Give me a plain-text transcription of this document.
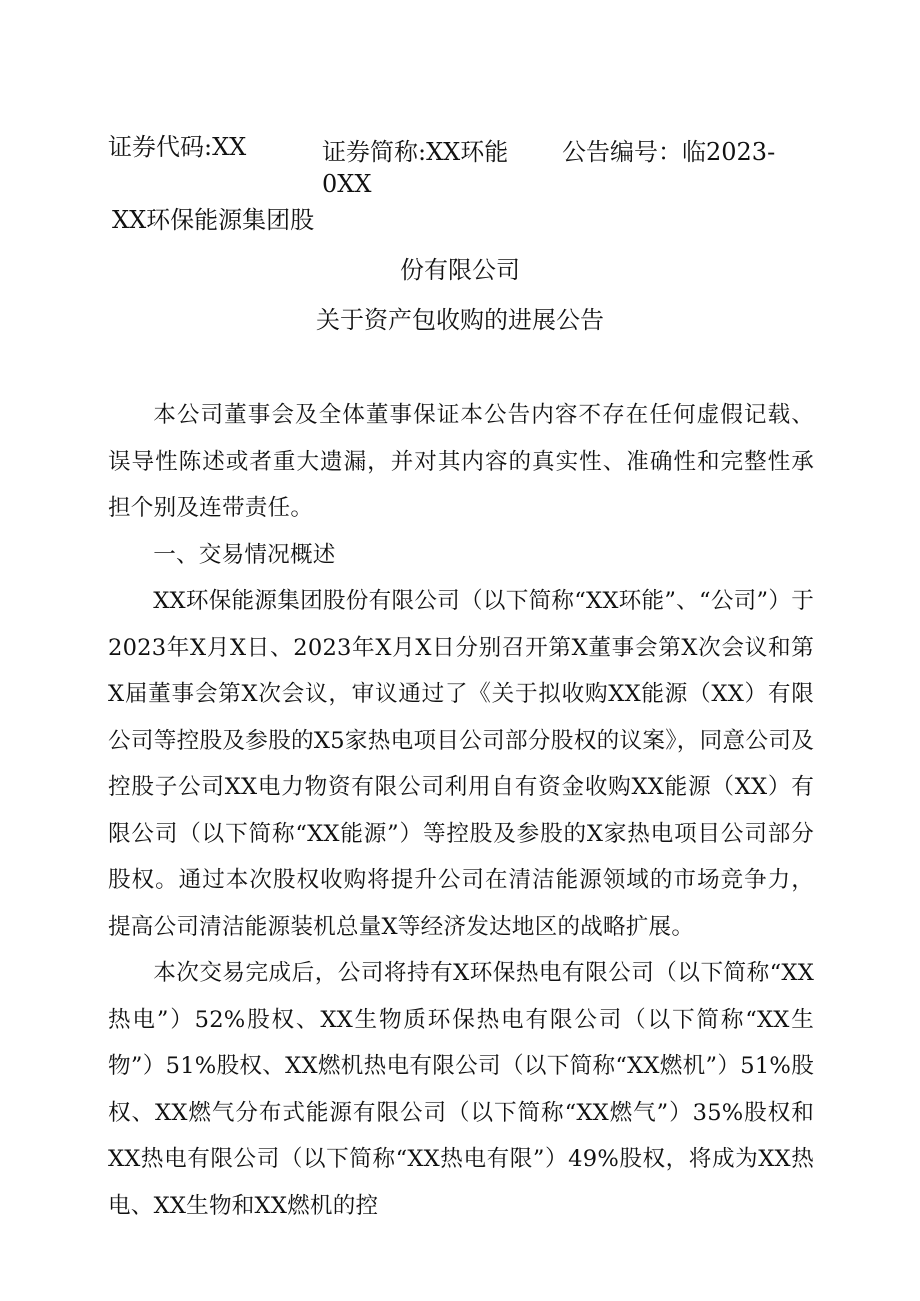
证券代码:XX	证券简称:XX环能 公告编号：临2023-
0XX
XX环保能源集团股
份有限公司
关于资产包收购的进展公告

本公司董事会及全体董事保证本公告内容不存在任何虚假记载、误导性陈述或者重大遗漏，并对其内容的真实性、准确性和完整性承担个别及连带责任。

一、交易情况概述

XX环保能源集团股份有限公司（以下简称“XX环能”、“公司”）于2023年X月X日、2023年X月X日分别召开第X董事会第X次会议和第X届董事会第X次会议，审议通过了《关于拟收购XX能源（XX）有限公司等控股及参股的X5家热电项目公司部分股权的议案》，同意公司及控股子公司XX电力物资有限公司利用自有资金收购XX能源（XX）有限公司（以下简称“XX能源”）等控股及参股的X家热电项目公司部分股权。通过本次股权收购将提升公司在清洁能源领域的市场竞争力，提高公司清洁能源装机总量X等经济发达地区的战略扩展。

本次交易完成后，公司将持有X环保热电有限公司（以下简称“XX热电”）52%股权、XX生物质环保热电有限公司（以下简称“XX生物”）51%股权、XX燃机热电有限公司（以下简称“XX燃机”）51%股权、XX燃气分布式能源有限公司（以下简称“XX燃气”）35%股权和XX热电有限公司（以下简称“XX热电有限”）49%股权，将成为XX热电、XX生物和XX燃机的控
